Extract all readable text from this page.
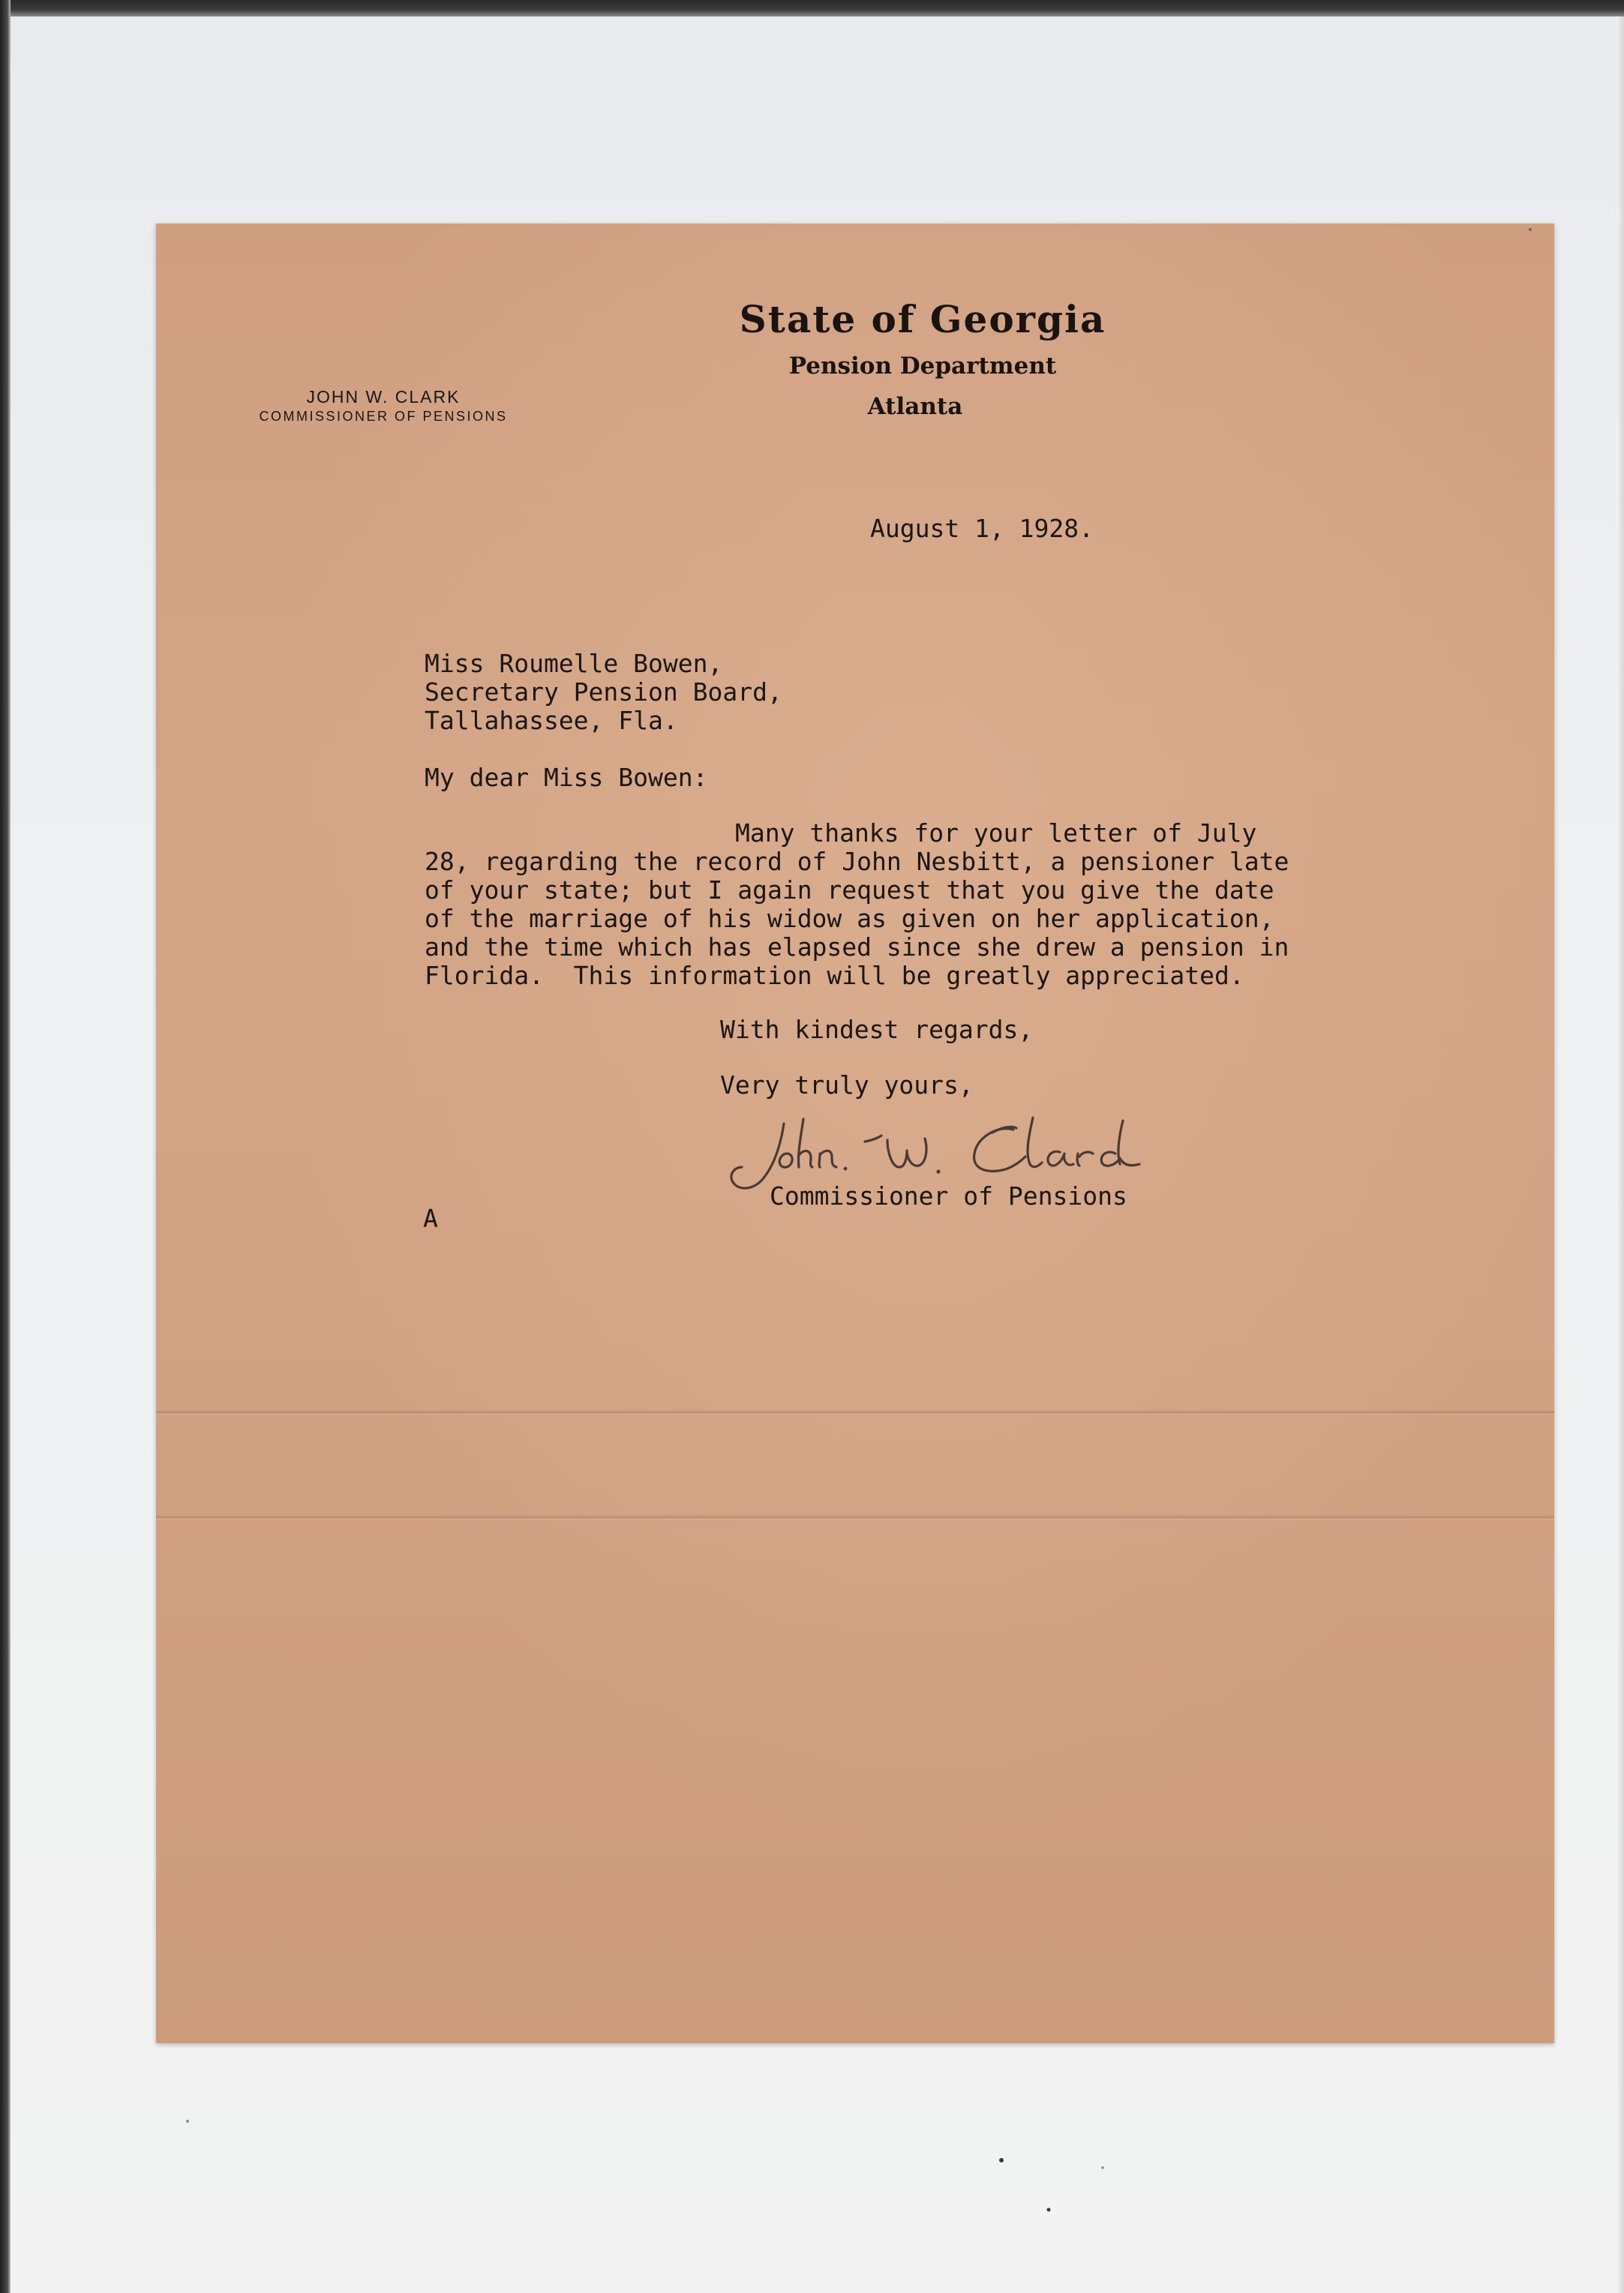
State of Georgia
Pension Department
Atlanta
JOHN W. CLARK
COMMISSIONER OF PENSIONS
August 1, 1928.
Miss Roumelle Bowen,
Secretary Pension Board,
Tallahassee, Fla.
My dear Miss Bowen:
Many thanks for your letter of July
28, regarding the record of John Nesbitt, a pensioner late
of your state; but I again request that you give the date
of the marriage of his widow as given on her application,
and the time which has elapsed since she drew a pension in
Florida.  This information will be greatly appreciated.
With kindest regards,
Very truly yours,
Commissioner of Pensions
A
